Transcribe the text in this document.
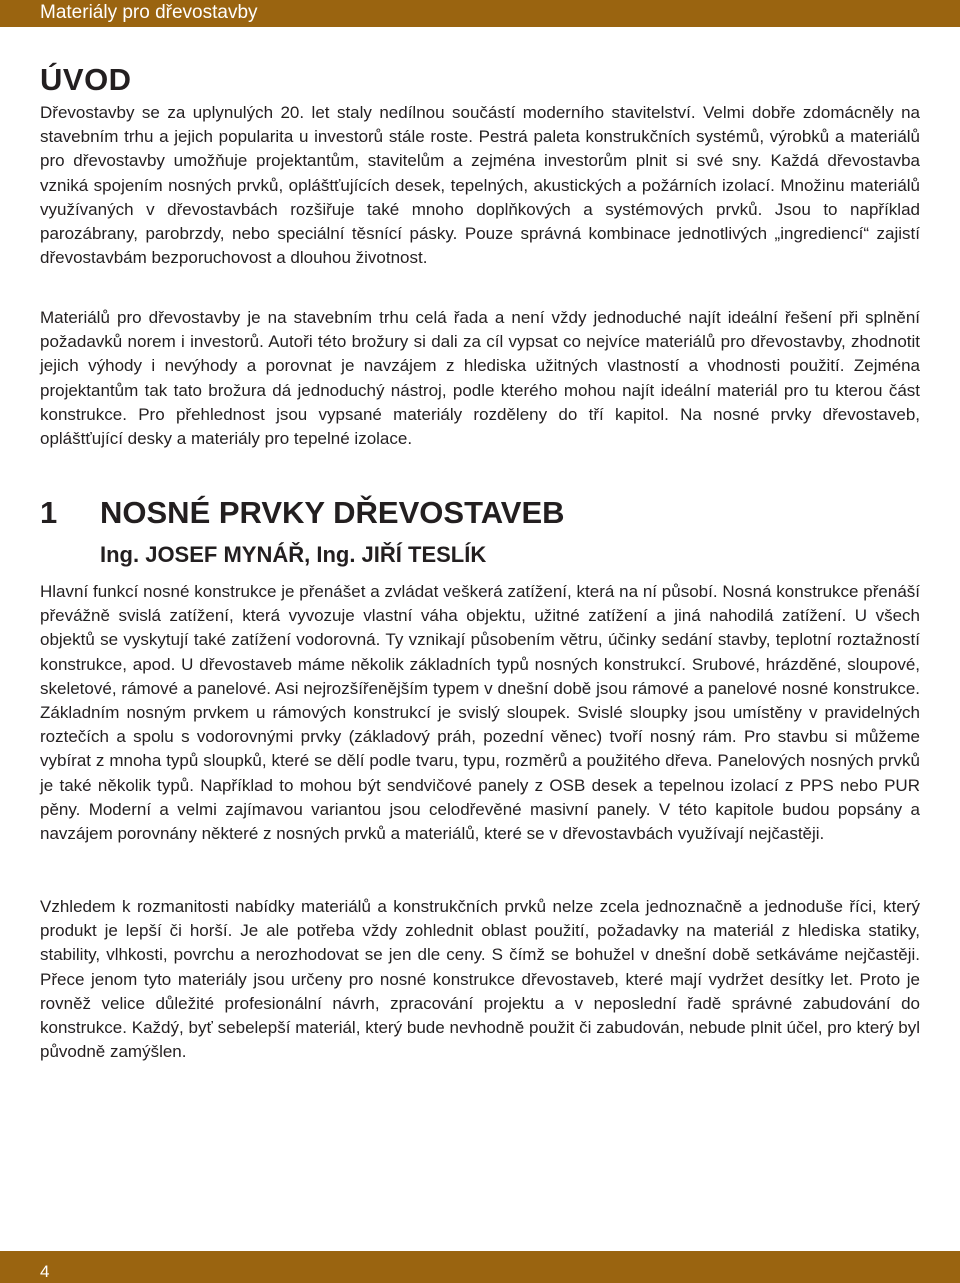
Materiály pro dřevostavby
ÚVOD

Dřevostavby se za uplynulých 20. let staly nedílnou součástí moderního stavitelství. Velmi dobře zdomácněly na stavebním trhu a jejich popularita u investorů stále roste. Pestrá paleta konstrukčních systémů, výrobků a materiálů pro dřevostavby umožňuje projektantům, stavitelům a zejména investorům plnit si své sny. Každá dřevostavba vzniká spojením nosných prvků, opláštťujících desek, tepelných, akustických a požárních izolací. Množinu materiálů využívaných v dřevostavbách rozšiřuje také mnoho doplňkových a systémových prvků. Jsou to například parozábrany, parobrzdy, nebo speciální těsnící pásky. Pouze správná kombinace jednotlivých „ingrediencí“ zajistí dřevostavbám bezporuchovost a dlouhou životnost.

Materiálů pro dřevostavby je na stavebním trhu celá řada a není vždy jednoduché najít ideální řešení při splnění požadavků norem i investorů. Autoři této brožury si dali za cíl vypsat co nejvíce materiálů pro dřevostavby, zhodnotit jejich výhody i nevýhody a porovnat je navzájem z hlediska užitných vlastností a vhodnosti použití. Zejména projektantům tak tato brožura dá jednoduchý nástroj, podle kterého mohou najít ideální materiál pro tu kterou část konstrukce. Pro přehlednost jsou vypsané materiály rozděleny do tří kapitol. Na nosné prvky dřevostaveb, opláštťující desky a materiály pro tepelné izolace.

1 NOSNÉ PRVKY DŘEVOSTAVEB

Ing. JOSEF MYNÁŘ, Ing. JIŘÍ TESLÍK

Hlavní funkcí nosné konstrukce je přenášet a zvládat veškerá zatížení, která na ní působí. Nosná konstrukce přenáší převážně svislá zatížení, která vyvozuje vlastní váha objektu, užitné zatížení a jiná nahodilá zatížení. U všech objektů se vyskytují také zatížení vodorovná. Ty vznikají působením větru, účinky sedání stavby, teplotní roztažností konstrukce, apod. U dřevostaveb máme několik základních typů nosných konstrukcí. Srubové, hrázděné, sloupové, skeletové, rámové a panelové. Asi nejrozšířenějším typem v dnešní době jsou rámové a panelové nosné konstrukce. Základním nosným prvkem u rámových konstrukcí je svislý sloupek. Svislé sloupky jsou umístěny v pravidelných roztečích a spolu s vodorovnými prvky (základový práh, pozední věnec) tvoří nosný rám. Pro stavbu si můžeme vybírat z mnoha typů sloupků, které se dělí podle tvaru, typu, rozměrů a použitého dřeva. Panelových nosných prvků je také několik typů. Například to mohou být sendvičové panely z OSB desek a tepelnou izolací z PPS nebo PUR pěny. Moderní a velmi zajímavou variantou jsou celodřevěné masivní panely. V této kapitole budou popsány a navzájem porovnány některé z nosných prvků a materiálů, které se v dřevostavbách využívají nejčastěji.

Vzhledem k rozmanitosti nabídky materiálů a konstrukčních prvků nelze zcela jednoznačně a jednoduše říci, který produkt je lepší či horší. Je ale potřeba vždy zohlednit oblast použití, požadavky na materiál z hlediska statiky, stability, vlhkosti, povrchu a nerozhodovat se jen dle ceny. S čímž se bohužel v dnešní době setkáváme nejčastěji. Přece jenom tyto materiály jsou určeny pro nosné konstrukce dřevostaveb, které mají vydržet desítky let. Proto je rovněž velice důležité profesionální návrh, zpracování projektu a v neposlední řadě správné zabudování do konstrukce. Každý, byť sebelepší materiál, který bude nevhodně použit či zabudován, nebude plnit účel, pro který byl původně zamýšlen.

4
